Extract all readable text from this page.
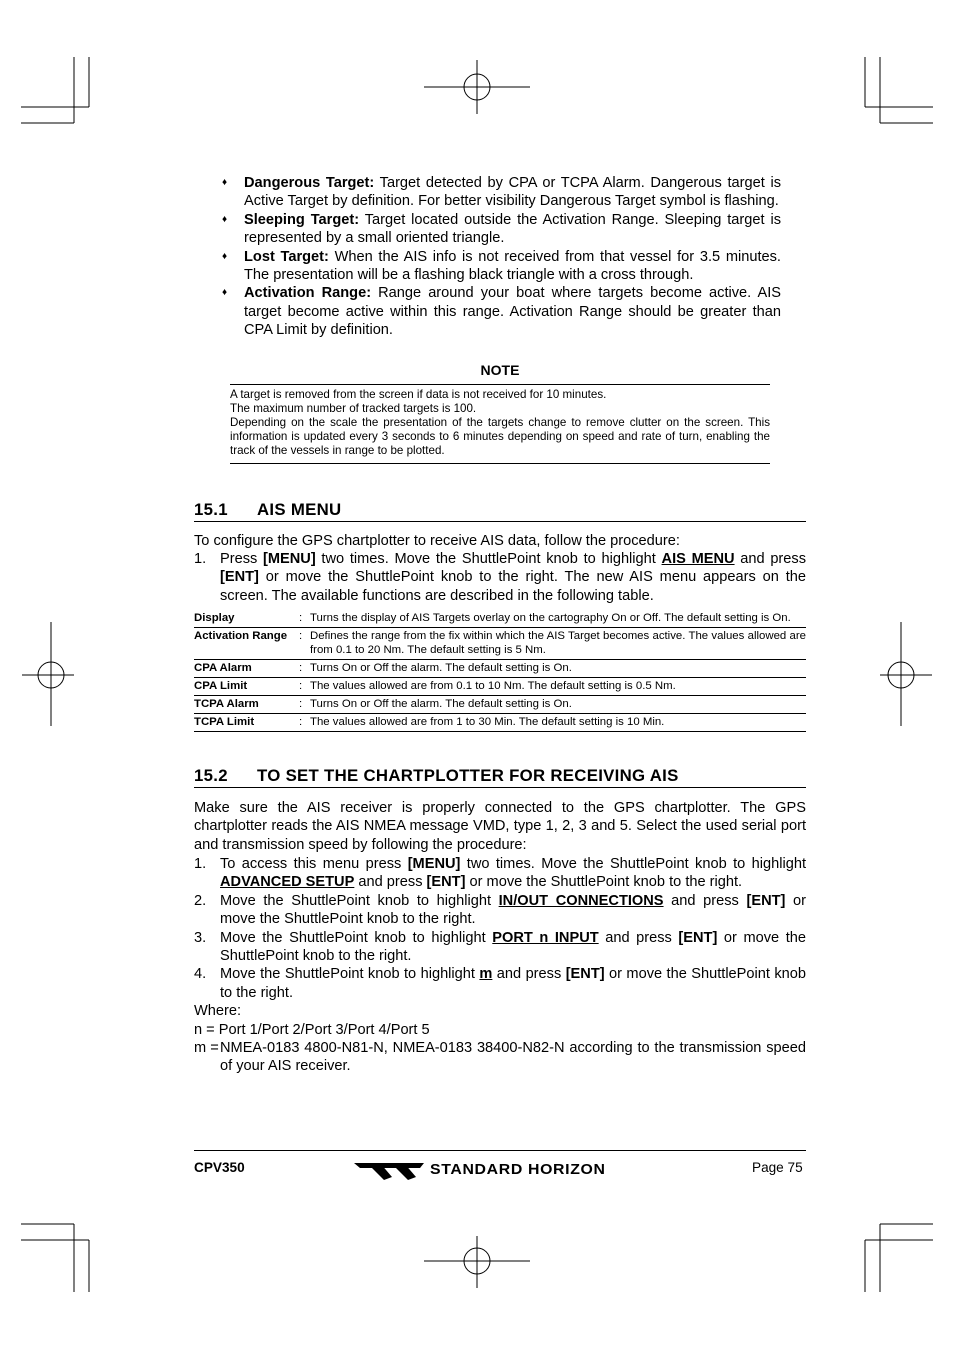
♦ Dangerous Target: Target detected by CPA or TCPA Alarm. Dangerous target is Active Target by definition. For better visibility Dangerous Target symbol is flashing.
♦ Sleeping Target: Target located outside the Activation Range. Sleeping target is represented by a small oriented triangle.
♦ Lost Target: When the AIS info is not received from that vessel for 3.5 minutes. The presentation will be a flashing black triangle with a cross through.
♦ Activation Range: Range around your boat where targets become active. AIS target become active within this range. Activation Range should be greater than CPA Limit by definition.
NOTE
A target is removed from the screen if data is not received for 10 minutes.
The maximum number of tracked targets is 100.
Depending on the scale the presentation of the targets change to remove clutter on the screen. This information is updated every 3 seconds to 6 minutes depending on speed and rate of turn, enabling the track of the vessels in range to be plotted.
15.1 AIS MENU
To configure the GPS chartplotter to receive AIS data, follow the procedure:
1. Press [MENU] two times. Move the ShuttlePoint knob to highlight AIS MENU and press [ENT] or move the ShuttlePoint knob to the right. The new AIS menu appears on the screen. The available functions are described in the following table.
Display	:	Turns the display of AIS Targets overlay on the cartography On or Off. The default setting is On.
Activation Range	:	Defines the range from the fix within which the AIS Target becomes active. The values allowed are from 0.1 to 20 Nm. The default setting is 5 Nm.
CPA Alarm	:	Turns On or Off the alarm. The default setting is On.
CPA Limit	:	The values allowed are from 0.1 to 10 Nm. The default setting is 0.5 Nm.
TCPA Alarm	:	Turns On or Off the alarm. The default setting is On.
TCPA Limit	:	The values allowed are from 1 to 30 Min. The default setting is 10 Min.
15.2 TO SET THE CHARTPLOTTER FOR RECEIVING AIS
Make sure the AIS receiver is properly connected to the GPS chartplotter. The GPS chartplotter reads the AIS NMEA message VMD, type 1, 2, 3 and 5. Select the used serial port and transmission speed by following the procedure:
1. To access this menu press [MENU] two times. Move the ShuttlePoint knob to highlight ADVANCED SETUP and press [ENT] or move the ShuttlePoint knob to the right.
2. Move the ShuttlePoint knob to highlight IN/OUT CONNECTIONS and press [ENT] or move the ShuttlePoint knob to the right.
3. Move the ShuttlePoint knob to highlight PORT n INPUT and press [ENT] or move the ShuttlePoint knob to the right.
4. Move the ShuttlePoint knob to highlight m and press [ENT] or move the ShuttlePoint knob to the right.
Where:
n = Port 1/Port 2/Port 3/Port 4/Port 5
m = NMEA-0183 4800-N81-N, NMEA-0183 38400-N82-N according to the transmission speed of your AIS receiver.
CPV350	STANDARD HORIZON	Page 75
